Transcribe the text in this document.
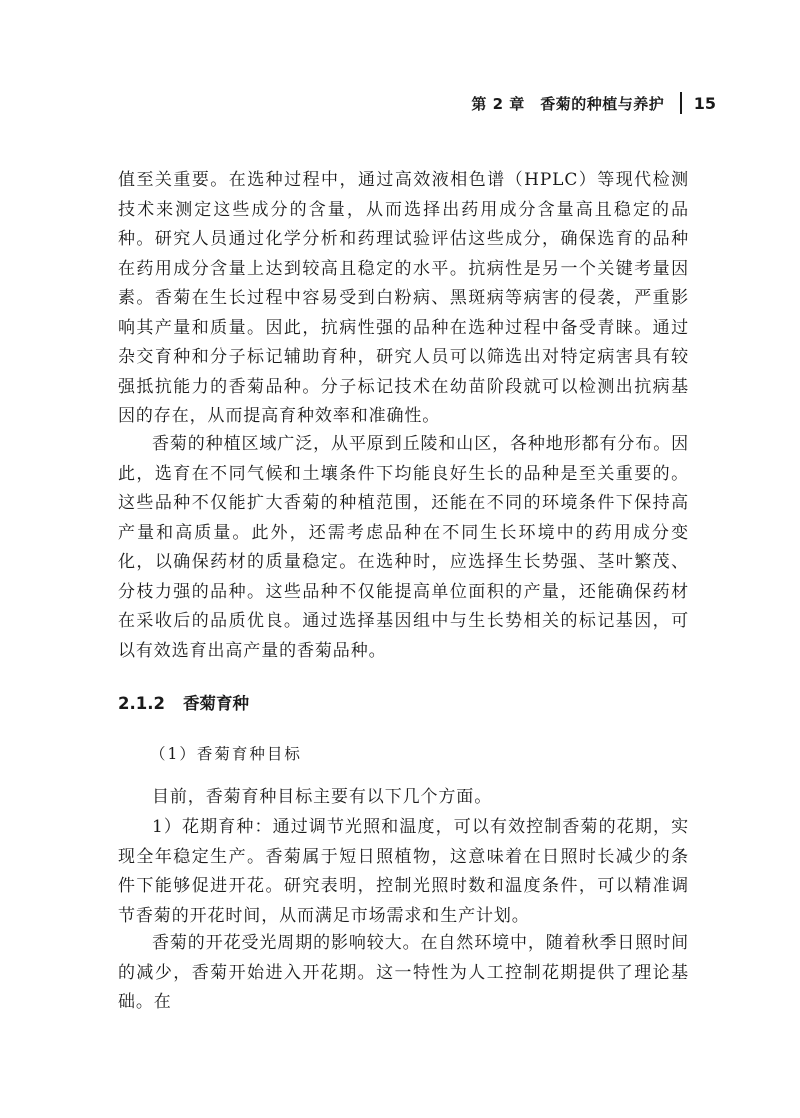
第 2 章　香菊的种植与养护 15
值至关重要。在选种过程中，通过高效液相色谱（HPLC）等现代检测技术来测定这些成分的含量，从而选择出药用成分含量高且稳定的品种。研究人员通过化学分析和药理试验评估这些成分，确保选育的品种在药用成分含量上达到较高且稳定的水平。抗病性是另一个关键考量因素。香菊在生长过程中容易受到白粉病、黑斑病等病害的侵袭，严重影响其产量和质量。因此，抗病性强的品种在选种过程中备受青睐。通过杂交育种和分子标记辅助育种，研究人员可以筛选出对特定病害具有较强抵抗能力的香菊品种。分子标记技术在幼苗阶段就可以检测出抗病基因的存在，从而提高育种效率和准确性。
香菊的种植区域广泛，从平原到丘陵和山区，各种地形都有分布。因此，选育在不同气候和土壤条件下均能良好生长的品种是至关重要的。这些品种不仅能扩大香菊的种植范围，还能在不同的环境条件下保持高产量和高质量。此外，还需考虑品种在不同生长环境中的药用成分变化，以确保药材的质量稳定。在选种时，应选择生长势强、茎叶繁茂、分枝力强的品种。这些品种不仅能提高单位面积的产量，还能确保药材在采收后的品质优良。通过选择基因组中与生长势相关的标记基因，可以有效选育出高产量的香菊品种。
2.1.2 香菊育种
（1）香菊育种目标
目前，香菊育种目标主要有以下几个方面。
1）花期育种：通过调节光照和温度，可以有效控制香菊的花期，实现全年稳定生产。香菊属于短日照植物，这意味着在日照时长减少的条件下能够促进开花。研究表明，控制光照时数和温度条件，可以精准调节香菊的开花时间，从而满足市场需求和生产计划。
香菊的开花受光周期的影响较大。在自然环境中，随着秋季日照时间的减少，香菊开始进入开花期。这一特性为人工控制花期提供了理论基础。在
